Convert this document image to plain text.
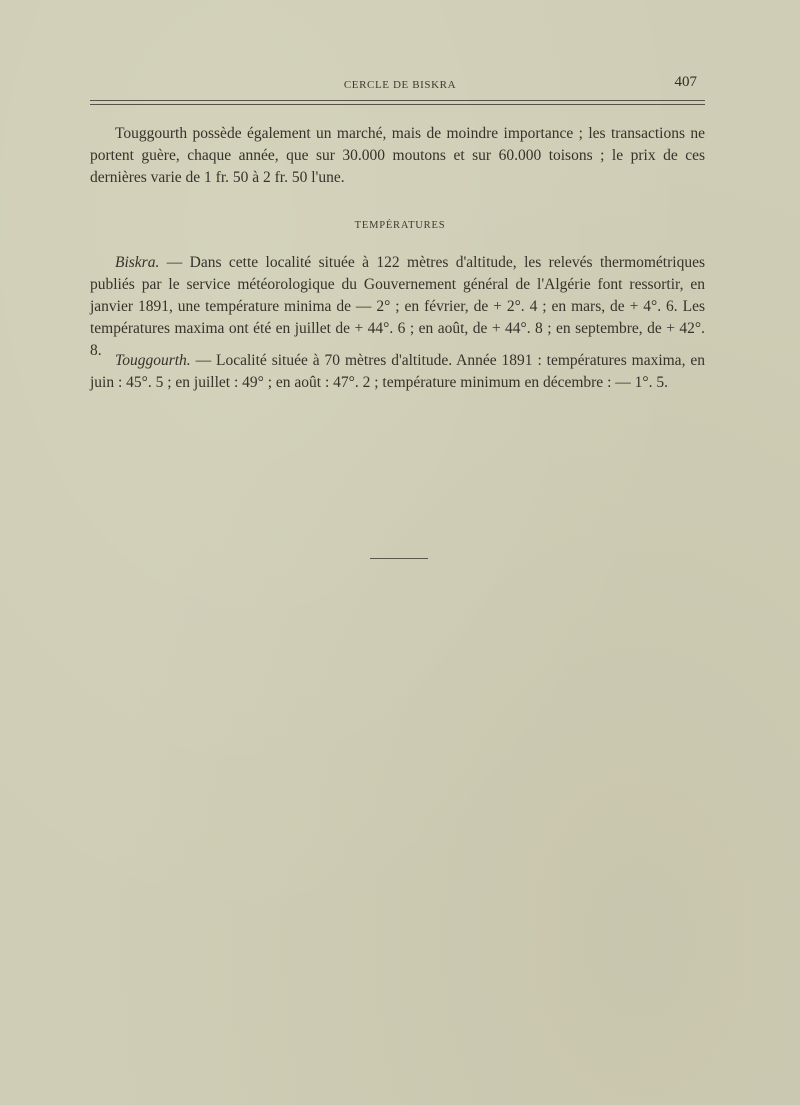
CERCLE DE BISKRA	407

Touggourth possède également un marché, mais de moindre importance ; les transactions ne portent guère, chaque année, que sur 30.000 moutons et sur 60.000 toisons ; le prix de ces dernières varie de 1 fr. 50 à 2 fr. 50 l'une.

TEMPÉRATURES

Biskra. — Dans cette localité située à 122 mètres d'altitude, les relevés thermométriques publiés par le service météorologique du Gouvernement général de l'Algérie font ressortir, en janvier 1891, une température minima de — 2° ; en février, de + 2°. 4 ; en mars, de + 4°. 6. Les températures maxima ont été en juillet de + 44°. 6 ; en août, de + 44°. 8 ; en septembre, de + 42°. 8.

Touggourth. — Localité située à 70 mètres d'altitude. Année 1891 : températures maxima, en juin : 45°. 5 ; en juillet : 49° ; en août : 47°. 2 ; température minimum en décembre : — 1°. 5.
